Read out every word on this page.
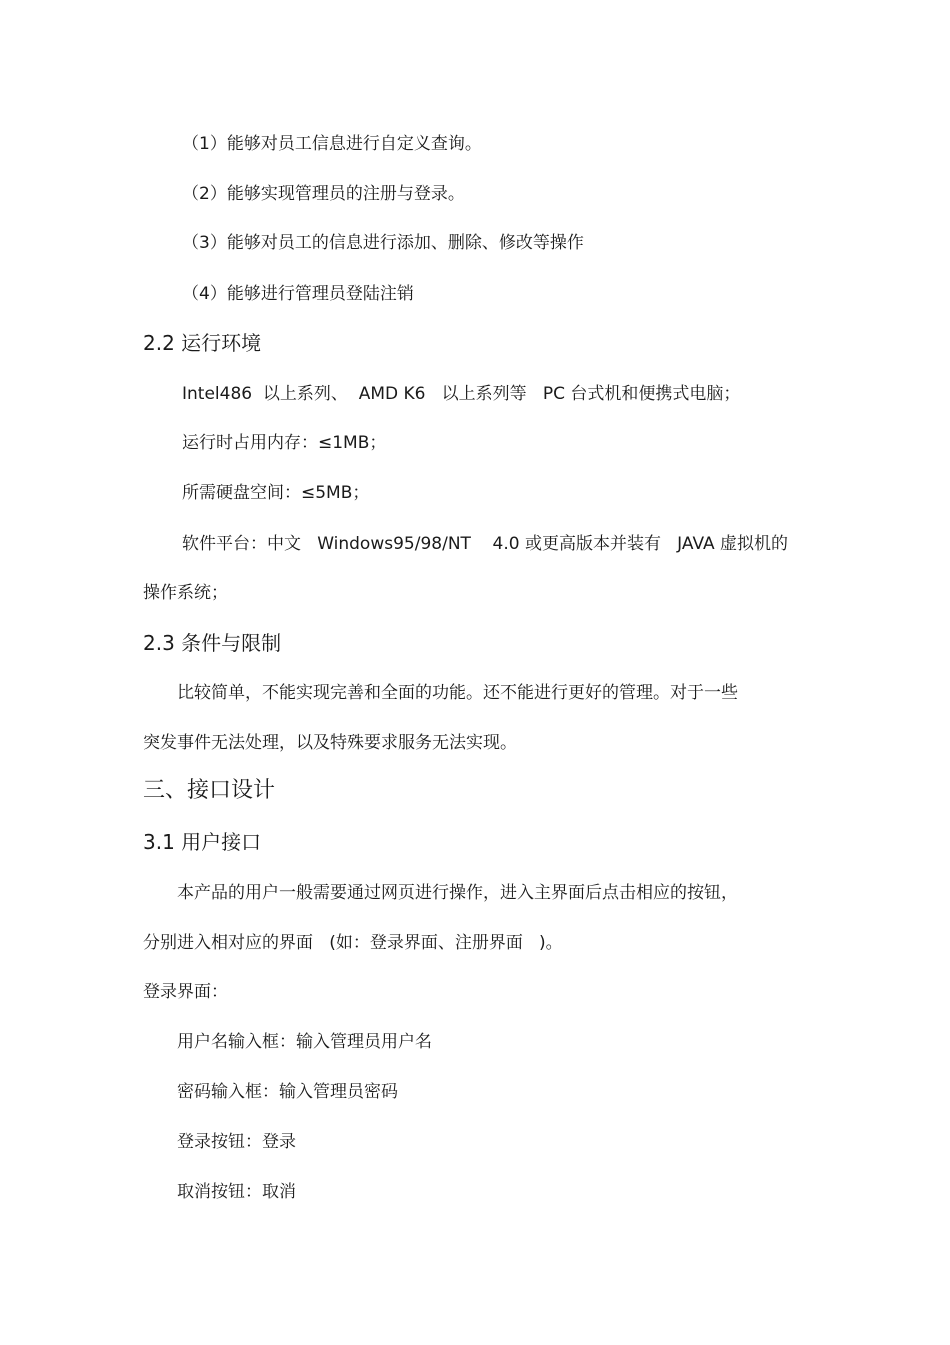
（1）能够对员工信息进行自定义查询。
（2）能够实现管理员的注册与登录。
（3）能够对员工的信息进行添加、删除、修改等操作
（4）能够进行管理员登陆注销
2.2 运行环境
Intel486  以上系列、  AMD K6   以上系列等   PC 台式机和便携式电脑；
运行时占用内存：≤1MB；
所需硬盘空间：≤5MB；
软件平台：中文   Windows95/98/NT    4.0 或更高版本并装有   JAVA 虚拟机的
操作系统；
2.3 条件与限制
比较简单，不能实现完善和全面的功能。还不能进行更好的管理。对于一些
突发事件无法处理，以及特殊要求服务无法实现。
三、接口设计
3.1 用户接口
本产品的用户一般需要通过网页进行操作，进入主界面后点击相应的按钮，
分别进入相对应的界面   (如：登录界面、注册界面   )。
登录界面：
用户名输入框：输入管理员用户名
密码输入框：输入管理员密码
登录按钮：登录
取消按钮：取消
